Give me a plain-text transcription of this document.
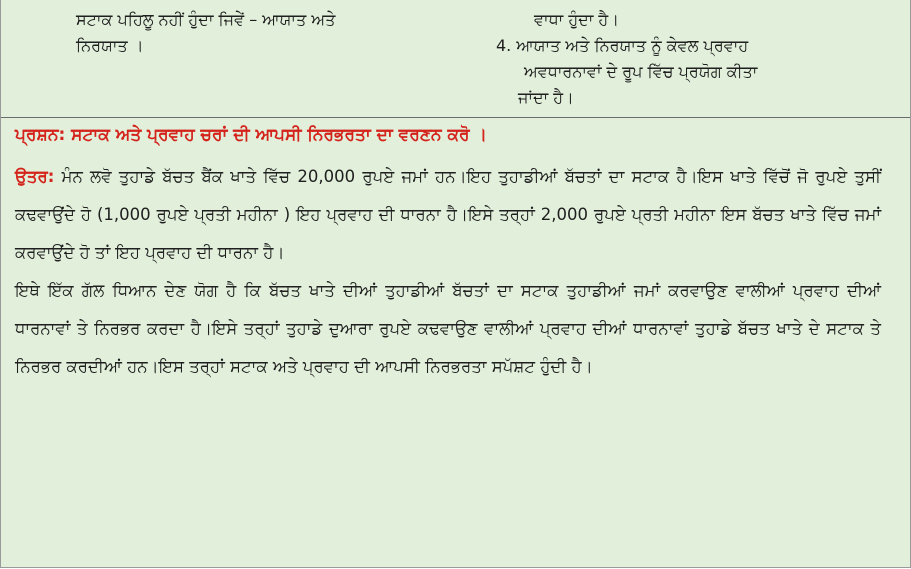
ਸਟਾਕ ਪਹਿਲੂ ਨਹੀਂ ਹੁੰਦਾ ਜਿਵੇਂ – ਆਯਾਤ ਅਤੇ
ਨਿਰਯਾਤ ।
ਵਾਧਾ ਹੁੰਦਾ ਹੈ।
4. ਆਯਾਤ ਅਤੇ ਨਿਰਯਾਤ ਨੂੰ ਕੇਵਲ ਪ੍ਰਵਾਹ
ਅਵਧਾਰਨਾਵਾਂ ਦੇ ਰੂਪ ਵਿੱਚ ਪ੍ਰਯੋਗ ਕੀਤਾ
ਜਾਂਦਾ ਹੈ।
ਪ੍ਰਸ਼ਨ: ਸਟਾਕ ਅਤੇ ਪ੍ਰਵਾਹ ਚਰਾਂ ਦੀ ਆਪਸੀ ਨਿਰਭਰਤਾ ਦਾ ਵਰਣਨ ਕਰੋ ।

ਉਤਰ: ਮੰਨ ਲਵੋ ਤੁਹਾਡੇ ਬੱਚਤ ਬੈਂਕ ਖਾਤੇ ਵਿੱਚ 20,000 ਰੁਪਏ ਜਮਾਂ ਹਨ।ਇਹ ਤੁਹਾਡੀਆਂ ਬੱਚਤਾਂ ਦਾ ਸਟਾਕ ਹੈ।ਇਸ ਖਾਤੇ ਵਿੱਚੋਂ ਜੋ ਰੁਪਏ ਤੁਸੀਂ ਕਢਵਾਉਂਦੇ ਹੋ (1,000 ਰੁਪਏ ਪ੍ਰਤੀ ਮਹੀਨਾ ) ਇਹ ਪ੍ਰਵਾਹ ਦੀ ਧਾਰਨਾ ਹੈ।ਇਸੇ ਤਰ੍ਹਾਂ 2,000 ਰੁਪਏ ਪ੍ਰਤੀ ਮਹੀਨਾ ਇਸ ਬੱਚਤ ਖਾਤੇ ਵਿੱਚ ਜਮਾਂ ਕਰਵਾਉਂਦੇ ਹੋ ਤਾਂ ਇਹ ਪ੍ਰਵਾਹ ਦੀ ਧਾਰਨਾ ਹੈ।

ਇਥੇ ਇੱਕ ਗੱਲ ਧਿਆਨ ਦੇਣ ਯੋਗ ਹੈ ਕਿ ਬੱਚਤ ਖਾਤੇ ਦੀਆਂ ਤੁਹਾਡੀਆਂ ਬੱਚਤਾਂ ਦਾ ਸਟਾਕ ਤੁਹਾਡੀਆਂ ਜਮਾਂ ਕਰਵਾਉਣ ਵਾਲੀਆਂ ਪ੍ਰਵਾਹ ਦੀਆਂ ਧਾਰਨਾਵਾਂ ਤੇ ਨਿਰਭਰ ਕਰਦਾ ਹੈ।ਇਸੇ ਤਰ੍ਹਾਂ ਤੁਹਾਡੇ ਦੁਆਰਾ ਰੁਪਏ ਕਢਵਾਉਣ ਵਾਲੀਆਂ ਪ੍ਰਵਾਹ ਦੀਆਂ ਧਾਰਨਾਵਾਂ ਤੁਹਾਡੇ ਬੱਚਤ ਖਾਤੇ ਦੇ ਸਟਾਕ ਤੇ ਨਿਰਭਰ ਕਰਦੀਆਂ ਹਨ।ਇਸ ਤਰ੍ਹਾਂ ਸਟਾਕ ਅਤੇ ਪ੍ਰਵਾਹ ਦੀ ਆਪਸੀ ਨਿਰਭਰਤਾ ਸਪੱਸ਼ਟ ਹੁੰਦੀ ਹੈ।
